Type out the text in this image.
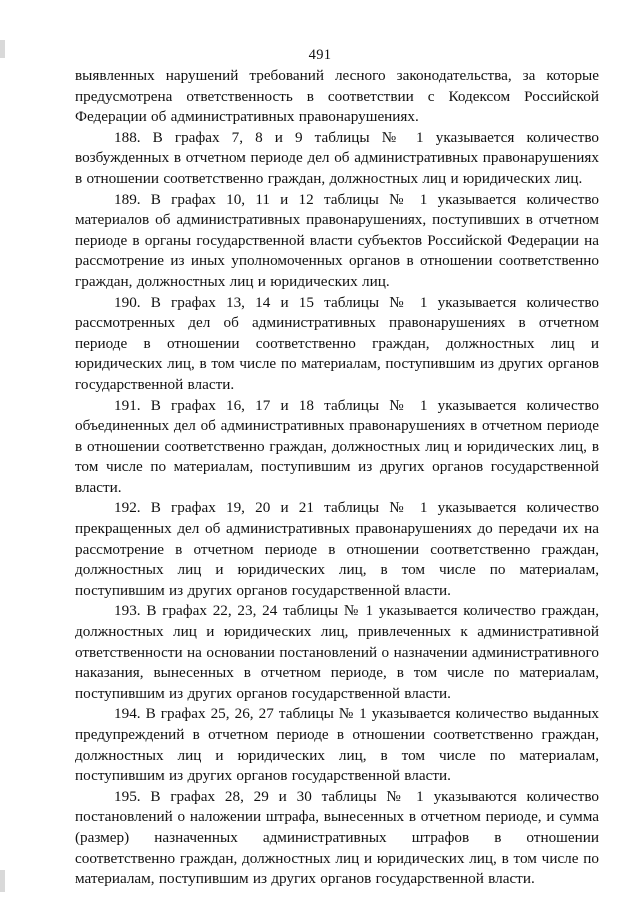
491

выявленных нарушений требований лесного законодательства, за которые предусмотрена ответственность в соответствии с Кодексом Российской Федерации об административных правонарушениях.

188. В графах 7, 8 и 9 таблицы № 1 указывается количество возбужденных в отчетном периоде дел об административных правонарушениях в отношении соответственно граждан, должностных лиц и юридических лиц.

189. В графах 10, 11 и 12 таблицы № 1 указывается количество материалов об административных правонарушениях, поступивших в отчетном периоде в органы государственной власти субъектов Российской Федерации на рассмотрение из иных уполномоченных органов в отношении соответственно граждан, должностных лиц и юридических лиц.

190. В графах 13, 14 и 15 таблицы № 1 указывается количество рассмотренных дел об административных правонарушениях в отчетном периоде в отношении соответственно граждан, должностных лиц и юридических лиц, в том числе по материалам, поступившим из других органов государственной власти.

191. В графах 16, 17 и 18 таблицы № 1 указывается количество объединенных дел об административных правонарушениях в отчетном периоде в отношении соответственно граждан, должностных лиц и юридических лиц, в том числе по материалам, поступившим из других органов государственной власти.

192. В графах 19, 20 и 21 таблицы № 1 указывается количество прекращенных дел об административных правонарушениях до передачи их на рассмотрение в отчетном периоде в отношении соответственно граждан, должностных лиц и юридических лиц, в том числе по материалам, поступившим из других органов государственной власти.

193. В графах 22, 23, 24 таблицы № 1 указывается количество граждан, должностных лиц и юридических лиц, привлеченных к административной ответственности на основании постановлений о назначении административного наказания, вынесенных в отчетном периоде, в том числе по материалам, поступившим из других органов государственной власти.

194. В графах 25, 26, 27 таблицы № 1 указывается количество выданных предупреждений в отчетном периоде в отношении соответственно граждан, должностных лиц и юридических лиц, в том числе по материалам, поступившим из других органов государственной власти.

195. В графах 28, 29 и 30 таблицы № 1 указываются количество постановлений о наложении штрафа, вынесенных в отчетном периоде, и сумма (размер) назначенных административных штрафов в отношении соответственно граждан, должностных лиц и юридических лиц, в том числе по материалам, поступившим из других органов государственной власти.
